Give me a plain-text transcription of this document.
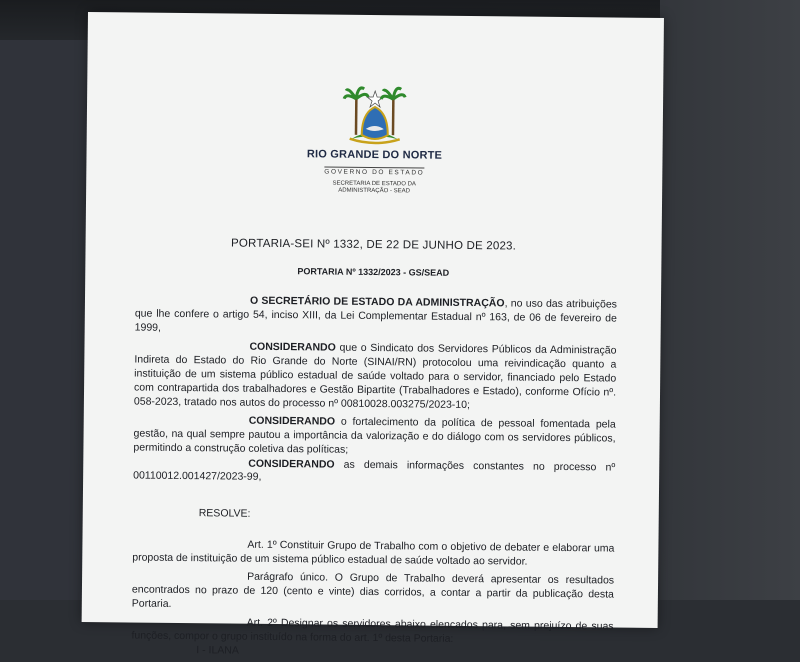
RIO GRANDE DO NORTE
GOVERNO DO ESTADO
SECRETARIA DE ESTADO DA
ADMINISTRAÇÃO - SEAD
PORTARIA-SEI Nº 1332, DE 22 DE JUNHO DE 2023.
PORTARIA Nº 1332/2023 - GS/SEAD
O SECRETÁRIO DE ESTADO DA ADMINISTRAÇÃO, no uso das atribuições que lhe confere o artigo 54, inciso XIII, da Lei Complementar Estadual nº 163, de 06 de fevereiro de 1999,
CONSIDERANDO que o Sindicato dos Servidores Públicos da Administração Indireta do Estado do Rio Grande do Norte (SINAI/RN) protocolou uma reivindicação quanto a instituição de um sistema público estadual de saúde voltado para o servidor, financiado pelo Estado com contrapartida dos trabalhadores e Gestão Bipartite (Trabalhadores e Estado), conforme Ofício nº. 058-2023, tratado nos autos do processo nº 00810028.003275/2023-10;
CONSIDERANDO o fortalecimento da política de pessoal fomentada pela gestão, na qual sempre pautou a importância da valorização e do diálogo com os servidores públicos, permitindo a construção coletiva das políticas;
CONSIDERANDO as demais informações constantes no processo nº
00110012.001427/2023-99,
RESOLVE:
Art. 1º Constituir Grupo de Trabalho com o objetivo de debater e elaborar uma proposta de instituição de um sistema público estadual de saúde voltado ao servidor.
Parágrafo único. O Grupo de Trabalho deverá apresentar os resultados encontrados no prazo de 120 (cento e vinte) dias corridos, a contar a partir da publicação desta Portaria.
Art. 2º Designar os servidores abaixo elencados para, sem prejuízo de suas funções, compor o grupo instituído na forma do art. 1º desta Portaria:
I - ILANA
